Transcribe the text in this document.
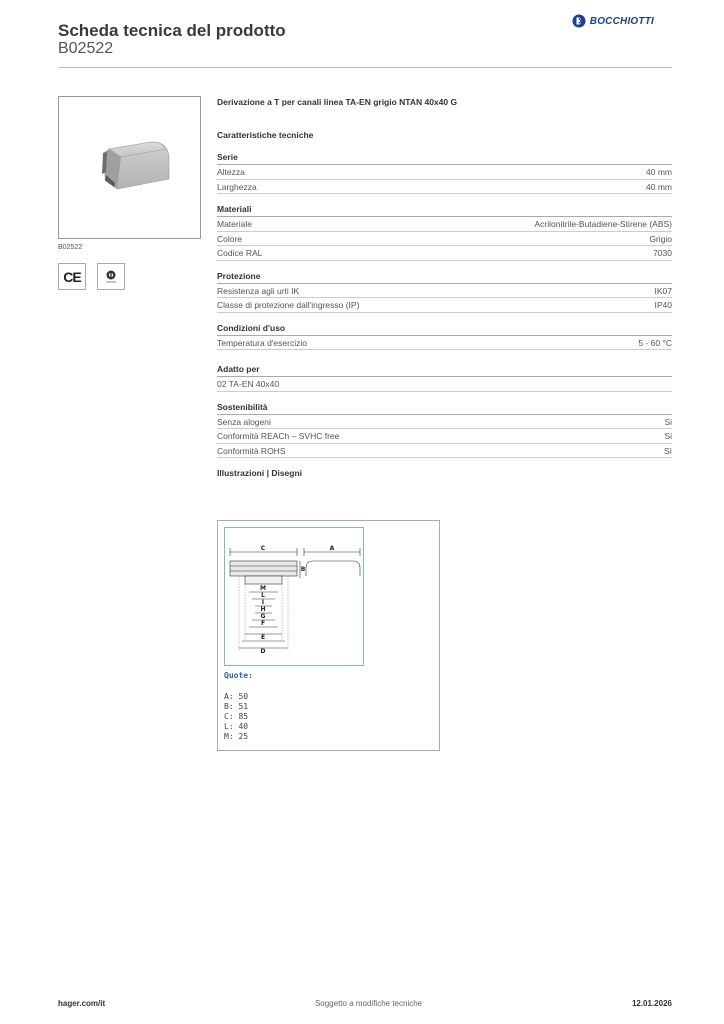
Scheda tecnica del prodotto
B02522
BOCCHIOTTI
B02522
CE
Derivazione a T per canali linea TA-EN grigio NTAN 40x40 G
Caratteristiche tecniche
Serie
Altezza	40 mm
Larghezza	40 mm
Materiali
Materiale	Acrilonitrile-Butadiene-Stirene (ABS)
Colore	Grigio
Codice RAL	7030
Protezione
Resistenza agli urti IK	IK07
Classe di protezione dall'ingresso (IP)	IP40
Condizioni d'uso
Temperatura d'esercizio	5 - 60 °C
Adatto per
02 TA-EN 40x40
Sostenibilità
Senza alogeni	Si
Conformità REACh – SVHC free	Si
Conformità ROHS	Sì
Illustrazioni | Disegni
C	A
B
M
L
I
H
G
F
E
D
Quote:
A: 50
B: 51
C: 85
L: 40
M: 25
hager.com/it	Soggetto a modifiche tecniche	12.01.2026
